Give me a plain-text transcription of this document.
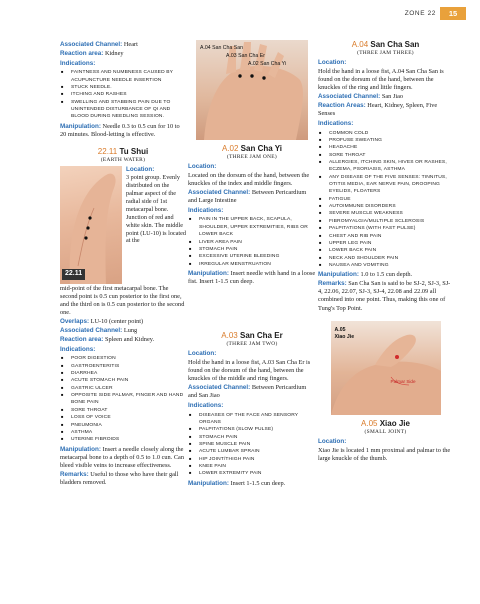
ZONE 22	15
Associated Channel: Heart
Reaction area: Kidney
Indications:
■ FAINTNESS AND NUMBNESS CAUSED BY ACUPUNCTURE NEEDLE INSERTION
■ STUCK NEEDLE.
■ ITCHING AND RASHES
■ SWELLING AND STABBING PAIN DUE TO UNINTENDED DISTURBANCE OF QI AND BLOOD DURING NEEDLING SESSION.
Manipulation: Needle 0.3 to 0.5 cun for 10 to 20 minutes. Blood-letting is effective.
22.11 Tu Shui
(EARTH WATER)
22.11
Location:
3 point group. Evenly distributed on the palmar aspect of the radial side of 1st metacarpal bone. Junction of red and white skin. The middle point (LU-10) is located at the
mid-point of the first metacarpal bone. The second point is 0.5 cun posterior to the first one, and the third on is 0.5 cun posterior to the second one.
Overlaps: LU-10 (center point)
Associated Channel: Lung
Reaction area: Spleen and Kidney.
Indications:
■ POOR DIGESTION
■ GASTROENTERITIS
■ DIARRHEA
■ ACUTE STOMACH PAIN
■ GASTRIC ULCER
■ OPPOSITE SIDE PALMAR, FINGER AND HAND BONE PAIN
■ SORE THROAT
■ LOSS OF VOICE
■ PNEUMONIA
■ ASTHMA
■ UTERINE FIBROIDS
Manipulation: Insert a needle closely along the metacarpal bone to a depth of 0.5 to 1.0 cun. Can bleed visible veins to increase effectiveness.
Remarks: Useful to those who have their gall bladders removed.
A.04 San Cha San
A.03 San Cha Er
A.02 San Cha Yi
A.02 San Cha Yi
(THREE JAM ONE)
Location:
Located on the dorsum of the hand, between the knuckles of the index and middle fingers.
Associated Channel: Between Pericardium and Large Intestine
Indications:
■ PAIN IN THE UPPER BACK, SCAPULA, SHOULDER, UPPER EXTREMITIES, RIBS OR LOWER BACK
■ LIVER AREA PAIN
■ STOMACH PAIN
■ EXCESSIVE UTERINE BLEEDING
■ IRREGULAR MENSTRUATION
Manipulation: Insert needle with hand in a loose fist. Insert 1-1.5 cun deep.
A.03 San Cha Er
(THREE JAM TWO)
Location:
Hold the hand in a loose fist, A.03 San Cha Er is found on the dorsum of the hand, between the knuckles of the middle and ring fingers.
Associated Channel: Between Pericardium and San Jiao
Indications:
■ DISEASES OF THE FACE AND SENSORY ORGANS
■ PALPITATIONS (SLOW PULSE)
■ STOMACH PAIN
■ SPINE MUSCLE PAIN
■ ACUTE LUMBAR SPRAIN
■ HIP JOINT/THIGH PAIN
■ KNEE PAIN
■ LOWER EXTREMITY PAIN
Manipulation: Insert 1-1.5 cun deep.
A.04 San Cha San
(THREE JAM THREE)
Location:
Hold the hand in a loose fist, A.04 San Cha San is found on the dorsum of the hand, between the knuckles of the ring and little fingers.
Associated Channel: San Jiao
Reaction Areas: Heart, Kidney, Spleen, Five Senses
Indications:
■ COMMON COLD
■ PROFUSE SWEATING
■ HEADACHE
■ SORE THROAT
■ ALLERGIES, ITCHING SKIN, HIVES OR RASHES, ECZEMA, PSORIASIS, ASTHMA
■ ANY DISEASE OF THE FIVE SENSES: TINNITUS, OTITIS MEDIA, EAR NERVE PAIN, DROOPING EYELIDS, FLOATERS
■ FATIGUE
■ AUTOIMMUNE DISORDERS
■ SEVERE MUSCLE WEAKNESS
■ FIBROMYALGIA/MULTIPLE SCLEROSIS
■ PALPITATIONS (WITH FAST PULSE)
■ CHEST AND RIB PAIN
■ UPPER LEG PAIN
■ LOWER BACK PAIN
■ NECK AND SHOULDER PAIN
■ NAUSEA AND VOMITING
Manipulation: 1.0 to 1.5 cun depth.
Remarks: San Cha San is said to be SJ-2, SJ-3, SJ-4, 22.06, 22.07, SJ-3, SJ-4, 22.08 and 22.09 all combined into one point. Thus, making this one of Tung's Top Point.
A.05
Xiao Jie
Palmar Side
A.05 Xiao Jie
(SMALL JOINT)
Location:
Xiao Jie is located 1 mm proximal and palmar to the large knuckle of the thumb.
